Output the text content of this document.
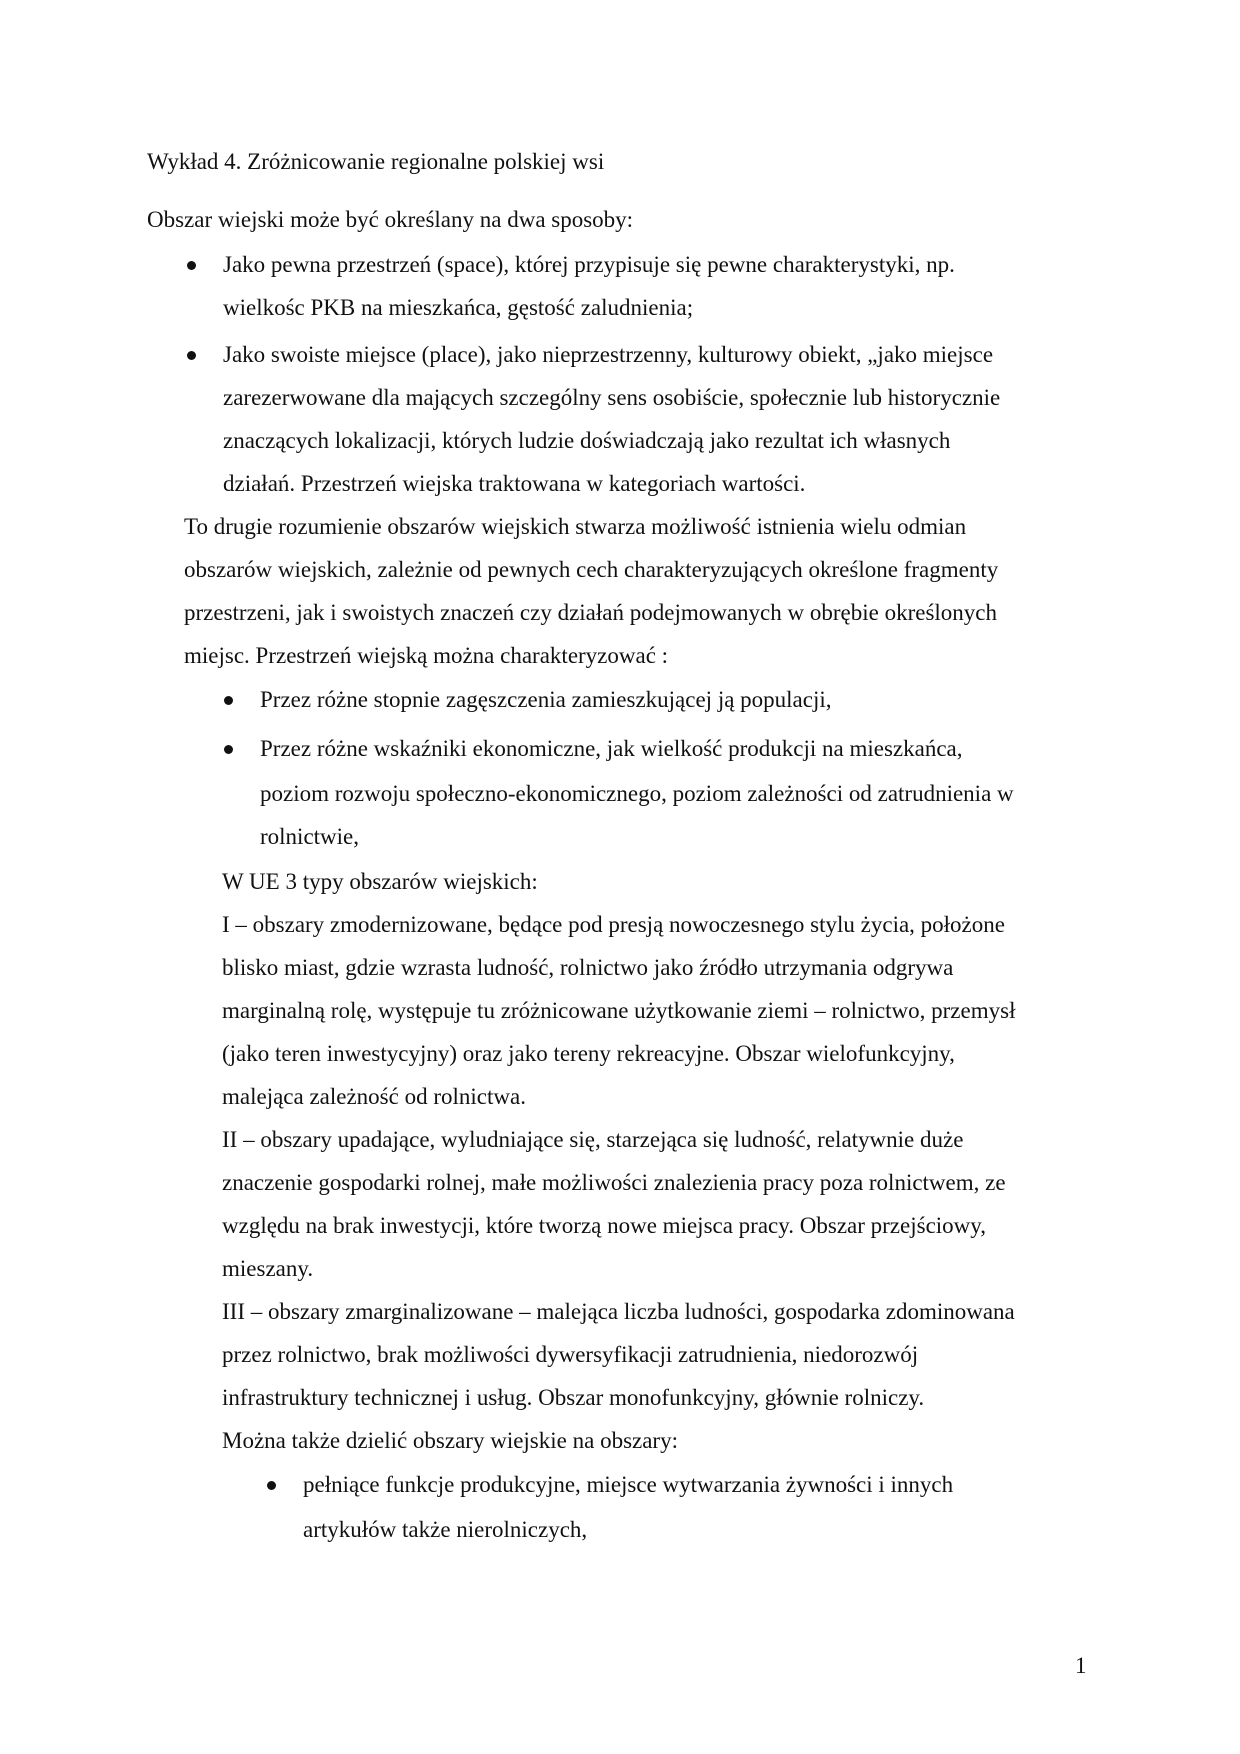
Wykład 4. Zróżnicowanie regionalne polskiej wsi
Obszar wiejski może być określany na dwa sposoby:
Jako pewna przestrzeń (space), której przypisuje się pewne charakterystyki, np.
wielkośc PKB na mieszkańca, gęstość zaludnienia;
Jako swoiste miejsce (place), jako nieprzestrzenny, kulturowy obiekt, „jako miejsce
zarezerwowane dla mających szczególny sens osobiście, społecznie lub historycznie
znaczących lokalizacji, których ludzie doświadczają jako rezultat ich własnych
działań. Przestrzeń wiejska traktowana w kategoriach wartości.
To drugie rozumienie obszarów wiejskich stwarza możliwość istnienia wielu odmian
obszarów wiejskich, zależnie od pewnych cech charakteryzujących określone fragmenty
przestrzeni, jak i swoistych znaczeń czy działań podejmowanych w obrębie określonych
miejsc. Przestrzeń wiejską można charakteryzować :
Przez różne stopnie zagęszczenia zamieszkującej ją populacji,
Przez różne wskaźniki ekonomiczne, jak wielkość produkcji na mieszkańca,
poziom rozwoju społeczno-ekonomicznego, poziom zależności od zatrudnienia w
rolnictwie,
W UE 3 typy obszarów wiejskich:
I – obszary zmodernizowane, będące pod presją nowoczesnego stylu życia, położone
blisko miast, gdzie wzrasta ludność, rolnictwo jako źródło utrzymania odgrywa
marginalną rolę, występuje tu zróżnicowane użytkowanie ziemi – rolnictwo, przemysł
(jako teren inwestycyjny) oraz jako tereny rekreacyjne. Obszar wielofunkcyjny,
malejąca zależność od rolnictwa.
II – obszary upadające, wyludniające się, starzejąca się ludność, relatywnie duże
znaczenie gospodarki rolnej, małe możliwości znalezienia pracy poza rolnictwem, ze
względu na brak inwestycji, które tworzą nowe miejsca pracy. Obszar przejściowy,
mieszany.
III – obszary zmarginalizowane – malejąca liczba ludności, gospodarka zdominowana
przez rolnictwo, brak możliwości dywersyfikacji zatrudnienia, niedorozwój
infrastruktury technicznej i usług. Obszar monofunkcyjny, głównie rolniczy.
Można także dzielić obszary wiejskie na obszary:
pełniące funkcje produkcyjne, miejsce wytwarzania żywności i innych
artykułów także nierolniczych,
1
